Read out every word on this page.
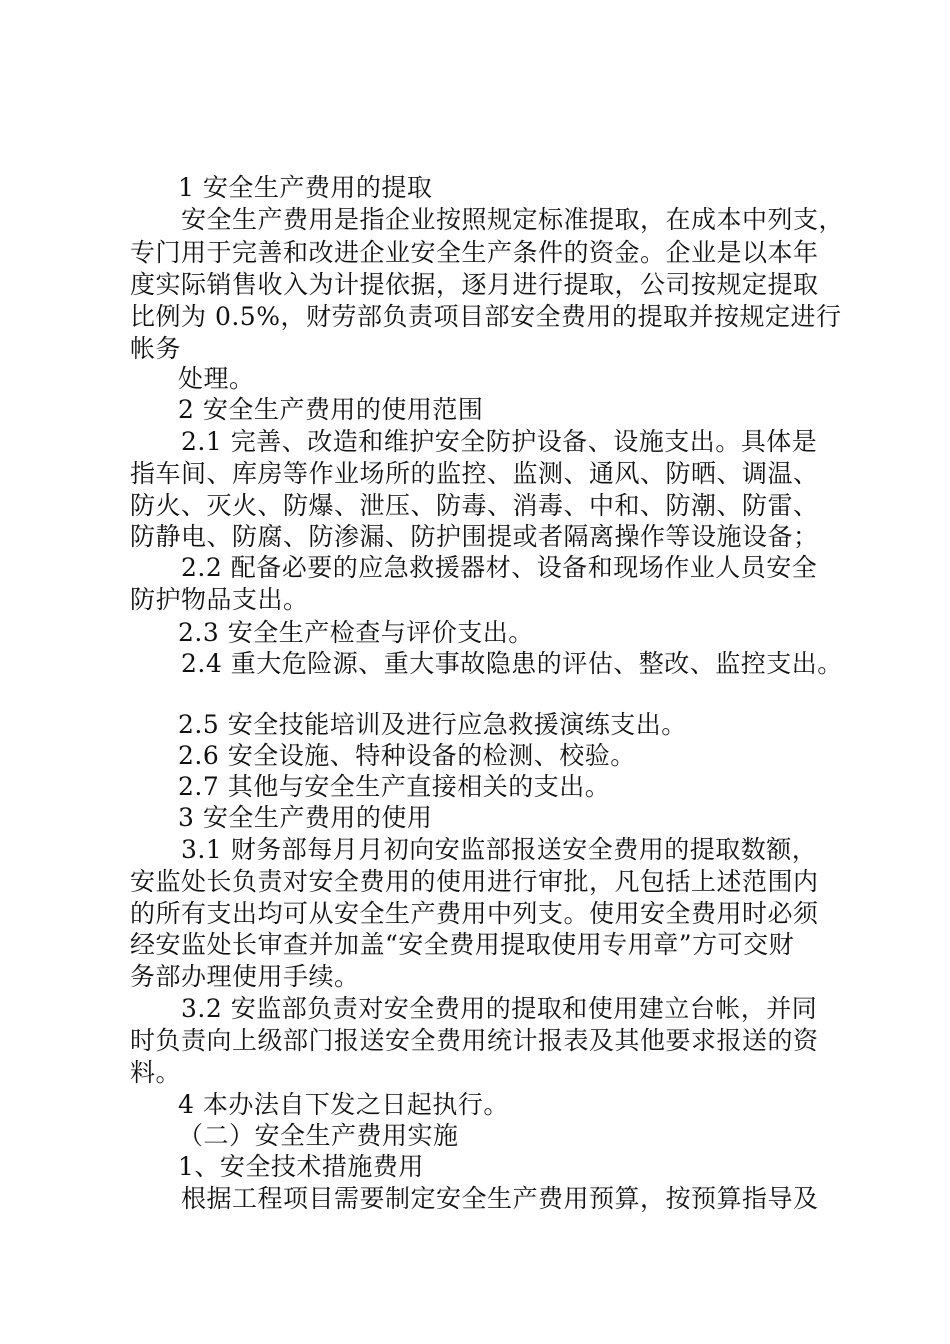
1 安全生产费用的提取
安全生产费用是指企业按照规定标准提取，在成本中列支，
专门用于完善和改进企业安全生产条件的资金。企业是以本年
度实际销售收入为计提依据，逐月进行提取，公司按规定提取
比例为 0.5%，财劳部负责项目部安全费用的提取并按规定进行
帐务
处理。
2 安全生产费用的使用范围
2.1 完善、改造和维护安全防护设备、设施支出。具体是
指车间、库房等作业场所的监控、监测、通风、防晒、调温、
防火、灭火、防爆、泄压、防毒、消毒、中和、防潮、防雷、
防静电、防腐、防渗漏、防护围提或者隔离操作等设施设备；
2.2 配备必要的应急救援器材、设备和现场作业人员安全
防护物品支出。
2.3 安全生产检查与评价支出。
2.4 重大危险源、重大事故隐患的评估、整改、监控支出。
2.5 安全技能培训及进行应急救援演练支出。
2.6 安全设施、特种设备的检测、校验。
2.7 其他与安全生产直接相关的支出。
3 安全生产费用的使用
3.1 财务部每月月初向安监部报送安全费用的提取数额，
安监处长负责对安全费用的使用进行审批，凡包括上述范围内
的所有支出均可从安全生产费用中列支。使用安全费用时必须
经安监处长审查并加盖“安全费用提取使用专用章”方可交财
务部办理使用手续。
3.2 安监部负责对安全费用的提取和使用建立台帐，并同
时负责向上级部门报送安全费用统计报表及其他要求报送的资
料。
4 本办法自下发之日起执行。
（二）安全生产费用实施
1、安全技术措施费用
根据工程项目需要制定安全生产费用预算，按预算指导及
